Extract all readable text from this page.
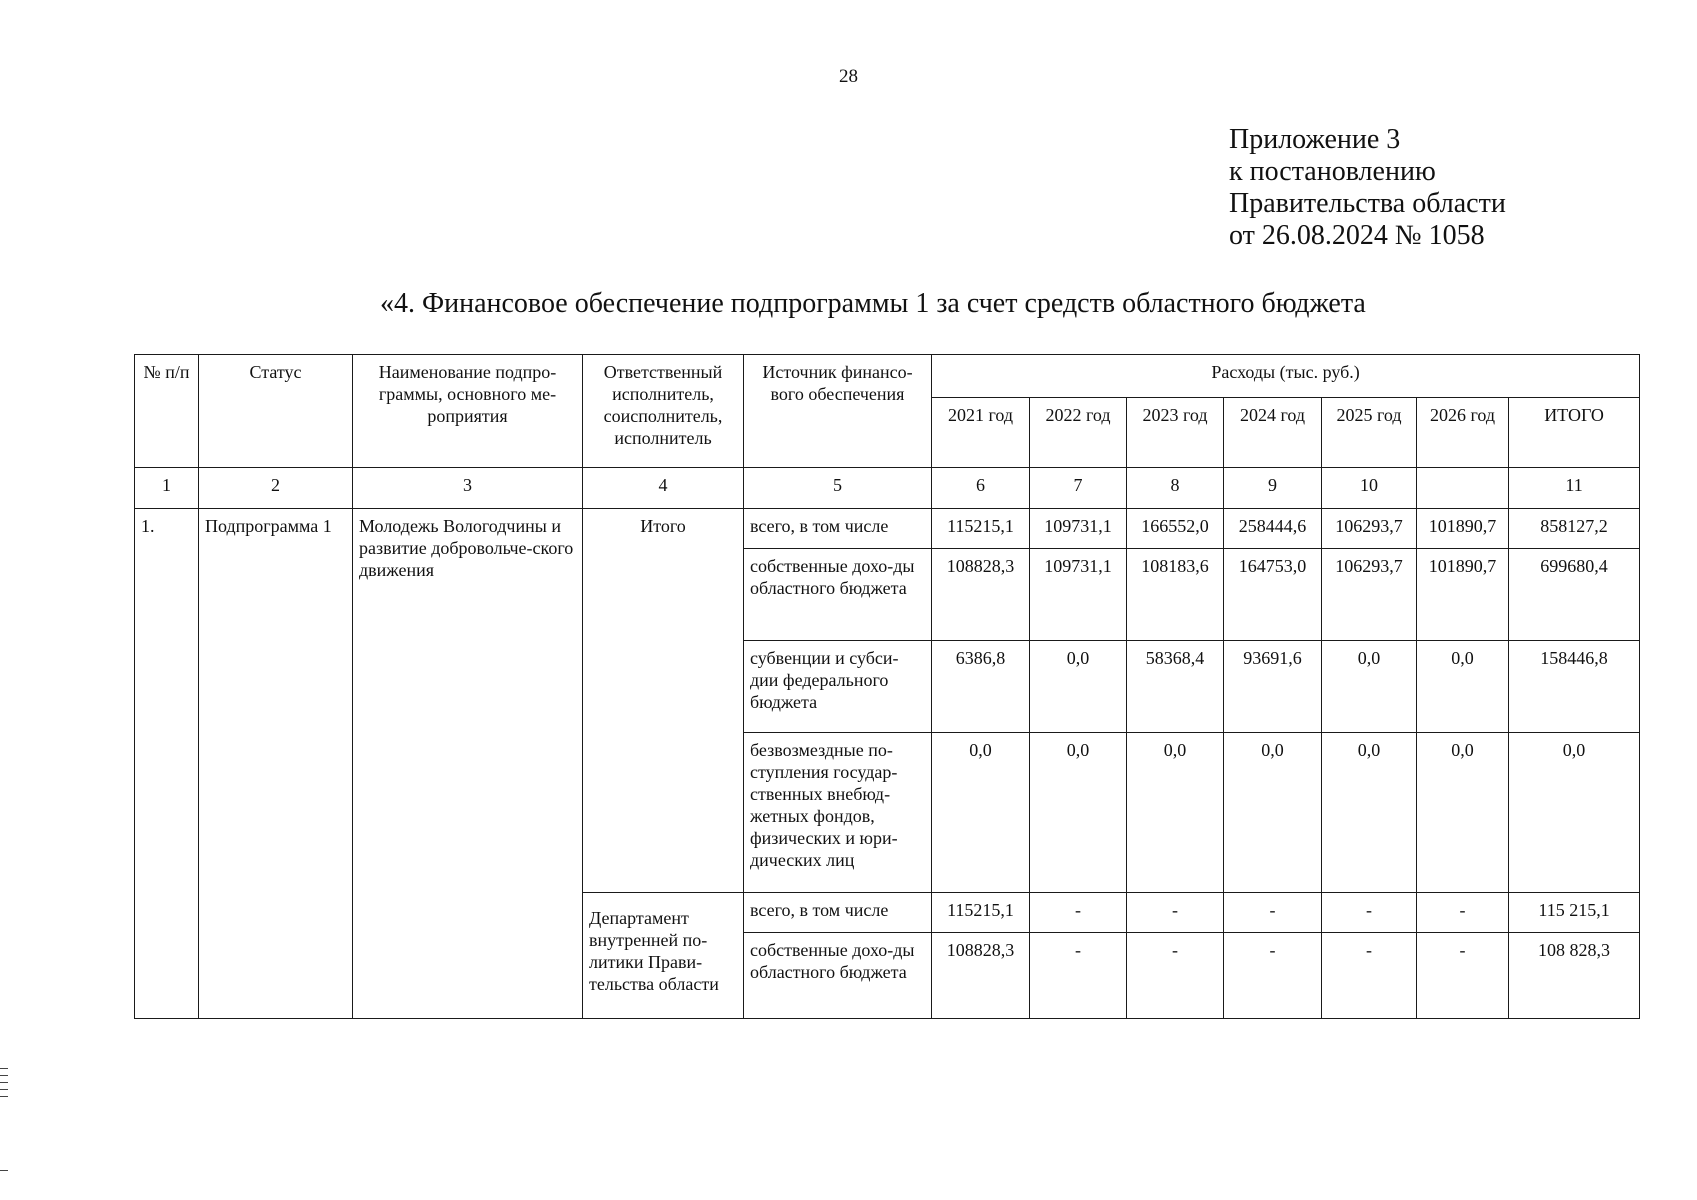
28
Приложение 3
к постановлению
Правительства области
от 26.08.2024 № 1058
«4. Финансовое обеспечение подпрограммы 1 за счет средств областного бюджета
№ п/п	Статус	Наименование подпро-граммы, основного ме-роприятия	Ответственный исполнитель, соисполнитель, исполнитель	Источник финансо-вого обеспечения	Расходы (тыс. руб.)						
					2021 год	2022 год	2023 год	2024 год	2025 год	2026 год	ИТОГО
1	2	3	4	5	6	7	8	9	10		11
1.	Подпрограмма 1	Молодежь Вологодчины и развитие добровольче-ского движения	Итого	всего, в том числе	115215,1	109731,1	166552,0	258444,6	106293,7	101890,7	858127,2
				собственные дохо-ды областного бюджета	108828,3	109731,1	108183,6	164753,0	106293,7	101890,7	699680,4
				субвенции и субси-дии федерального бюджета	6386,8	0,0	58368,4	93691,6	0,0	0,0	158446,8
				безвозмездные по-ступления государ-ственных внебюд-жетных фондов, физических и юри-дических лиц	0,0	0,0	0,0	0,0	0,0	0,0	0,0
			Департамент внутренней по-литики Прави-тельства области	всего, в том числе	115215,1	-	-	-	-	-	115 215,1
				собственные дохо-ды областного бюджета	108828,3	-	-	-	-	-	108 828,3
